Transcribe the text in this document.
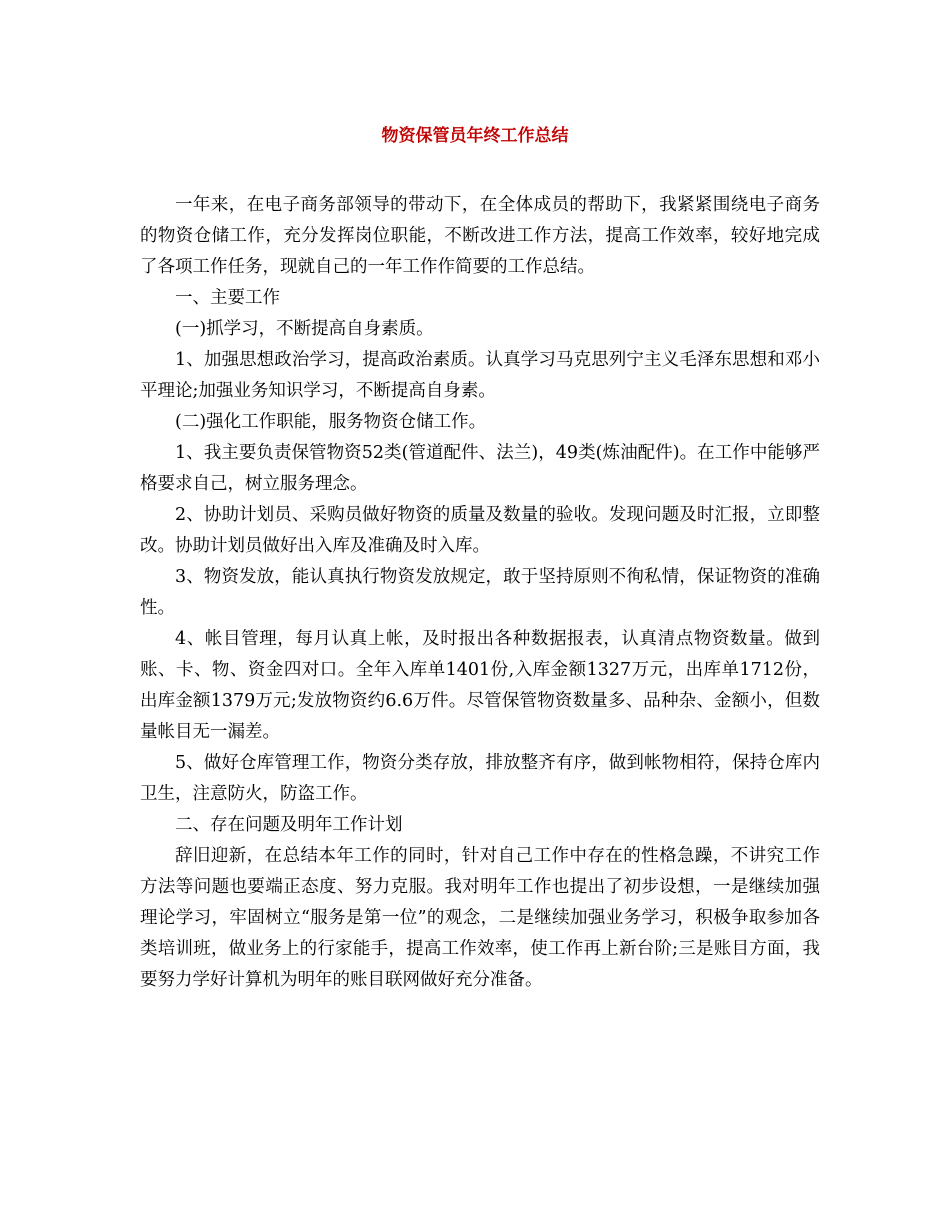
物资保管员年终工作总结

一年来，在电子商务部领导的带动下，在全体成员的帮助下，我紧紧围绕电子商务的物资仓储工作，充分发挥岗位职能，不断改进工作方法，提高工作效率，较好地完成了各项工作任务，现就自己的一年工作作简要的工作总结。

一、主要工作

(一)抓学习，不断提高自身素质。

1、加强思想政治学习，提高政治素质。认真学习马克思列宁主义毛泽东思想和邓小平理论;加强业务知识学习，不断提高自身素。

(二)强化工作职能，服务物资仓储工作。

1、我主要负责保管物资52类(管道配件、法兰)，49类(炼油配件)。在工作中能够严格要求自己，树立服务理念。

2、协助计划员、采购员做好物资的质量及数量的验收。发现问题及时汇报，立即整改。协助计划员做好出入库及准确及时入库。

3、物资发放，能认真执行物资发放规定，敢于坚持原则不徇私情，保证物资的准确性。

4、帐目管理，每月认真上帐，及时报出各种数据报表，认真清点物资数量。做到账、卡、物、资金四对口。全年入库单1401份,入库金额1327万元，出库单1712份，出库金额1379万元;发放物资约6.6万件。尽管保管物资数量多、品种杂、金额小，但数量帐目无一漏差。

5、做好仓库管理工作，物资分类存放，排放整齐有序，做到帐物相符，保持仓库内卫生，注意防火，防盗工作。

二、存在问题及明年工作计划

辞旧迎新，在总结本年工作的同时，针对自己工作中存在的性格急躁，不讲究工作方法等问题也要端正态度、努力克服。我对明年工作也提出了初步设想，一是继续加强理论学习，牢固树立“服务是第一位”的观念，二是继续加强业务学习，积极争取参加各类培训班，做业务上的行家能手，提高工作效率，使工作再上新台阶;三是账目方面，我要努力学好计算机为明年的账目联网做好充分准备。
